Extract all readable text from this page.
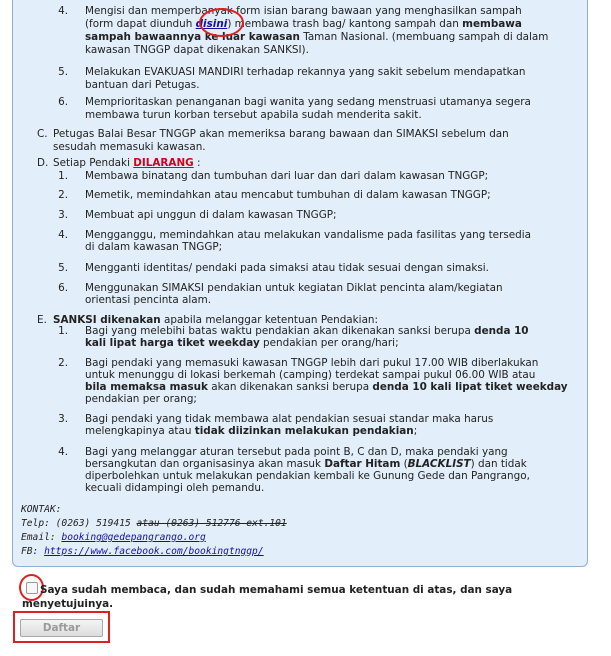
4. Mengisi dan memperbanyak form isian barang bawaan yang menghasilkan sampah
(form dapat diunduh disini) membawa trash bag/ kantong sampah dan membawa
sampah bawaannya ke luar kawasan Taman Nasional. (membuang sampah di dalam
kawasan TNGGP dapat dikenakan SANKSI).
5. Melakukan EVAKUASI MANDIRI terhadap rekannya yang sakit sebelum mendapatkan
bantuan dari Petugas.
6. Memprioritaskan penanganan bagi wanita yang sedang menstruasi utamanya segera
membawa turun korban tersebut apabila sudah menderita sakit.
C. Petugas Balai Besar TNGGP akan memeriksa barang bawaan dan SIMAKSI sebelum dan
sesudah memasuki kawasan.
D. Setiap Pendaki DILARANG :
1. Membawa binatang dan tumbuhan dari luar dan dari dalam kawasan TNGGP;
2. Memetik, memindahkan atau mencabut tumbuhan di dalam kawasan TNGGP;
3. Membuat api unggun di dalam kawasan TNGGP;
4. Mengganggu, memindahkan atau melakukan vandalisme pada fasilitas yang tersedia
di dalam kawasan TNGGP;
5. Mengganti identitas/ pendaki pada simaksi atau tidak sesuai dengan simaksi.
6. Menggunakan SIMAKSI pendakian untuk kegiatan Diklat pencinta alam/kegiatan
orientasi pencinta alam.
E. SANKSI dikenakan apabila melanggar ketentuan Pendakian:
1. Bagi yang melebihi batas waktu pendakian akan dikenakan sanksi berupa denda 10
kali lipat harga tiket weekday pendakian per orang/hari;
2. Bagi pendaki yang memasuki kawasan TNGGP lebih dari pukul 17.00 WIB diberlakukan
untuk menunggu di lokasi berkemah (camping) terdekat sampai pukul 06.00 WIB atau
bila memaksa masuk akan dikenakan sanksi berupa denda 10 kali lipat tiket weekday
pendakian per orang;
3. Bagi pendaki yang tidak membawa alat pendakian sesuai standar maka harus
melengkapinya atau tidak diizinkan melakukan pendakian;
4. Bagi yang melanggar aturan tersebut pada point B, C dan D, maka pendaki yang
bersangkutan dan organisasinya akan masuk Daftar Hitam (BLACKLIST) dan tidak
diperbolehkan untuk melakukan pendakian kembali ke Gunung Gede dan Pangrango,
kecuali didampingi oleh pemandu.
KONTAK:
Telp: (0263) 519415 atau (0263) 512776 ext.101
Email: booking@gedepangrango.org
FB: https://www.facebook.com/bookingtnggp/
Saya sudah membaca, dan sudah memahami semua ketentuan di atas, dan saya
menyetujuinya.
Daftar
